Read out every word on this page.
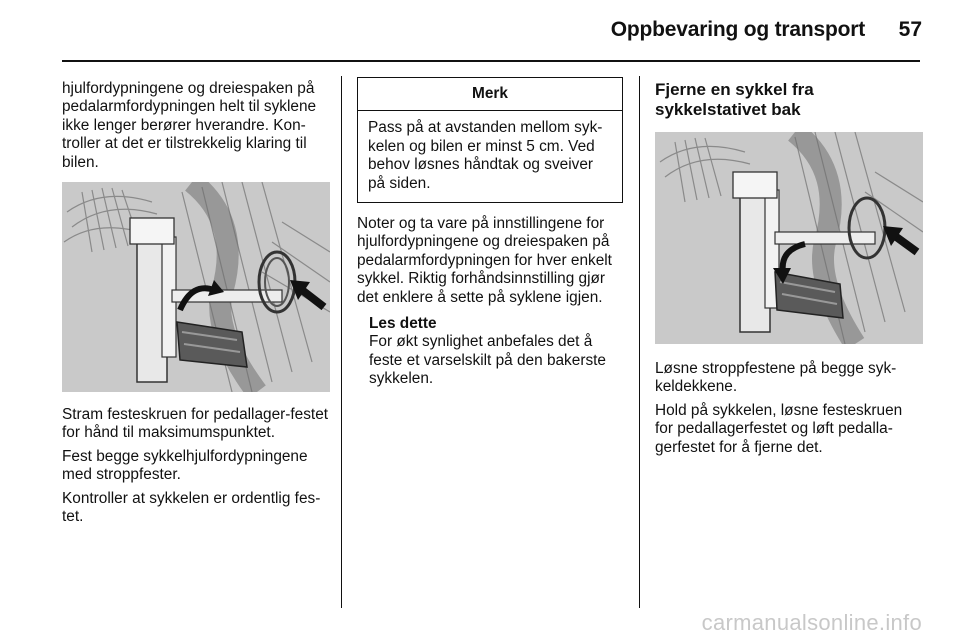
Oppbevaring og transport 57

hjulfordypningene og dreiespaken på pedalarmfordypningen helt til syklene ikke lenger berører hverandre. Kon-troller at det er tilstrekkelig klaring til bilen.

Stram festeskruen for pedallager-festet for hånd til maksimumspunktet.

Fest begge sykkelhjulfordypningene med stroppfester.

Kontroller at sykkelen er ordentlig fes-tet.

Merk
Pass på at avstanden mellom syk-kelen og bilen er minst 5 cm. Ved behov løsnes håndtak og sveiver på siden.

Noter og ta vare på innstillingene for hjulfordypningene og dreiespaken på pedalarmfordypningen for hver enkelt sykkel. Riktig forhåndsinnstilling gjør det enklere å sette på syklene igjen.

Les dette
For økt synlighet anbefales det å feste et varselskilt på den bakerste sykkelen.
Fjerne en sykkel fra sykkelstativet bak

Løsne stroppfestene på begge syk-keldekkene.

Hold på sykkelen, løsne festeskruen for pedallagerfestet og løft pedalla-gerfestet for å fjerne det.

carmanualsonline.info
